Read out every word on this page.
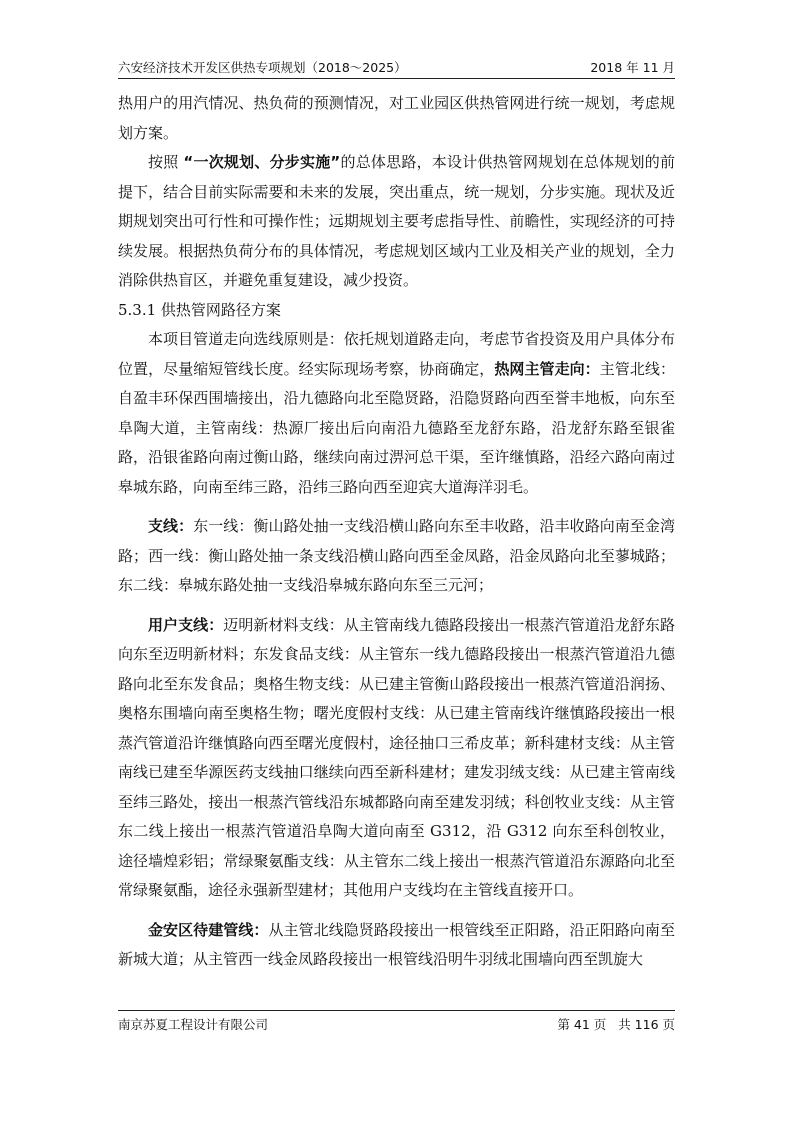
六安经济技术开发区供热专项规划（2018～2025）	2018 年 11 月

热用户的用汽情况、热负荷的预测情况，对工业园区供热管网进行统一规划，考虑规划方案。

按照 “一次规划、分步实施”的总体思路，本设计供热管网规划在总体规划的前提下，结合目前实际需要和未来的发展，突出重点，统一规划，分步实施。现状及近期规划突出可行性和可操作性；远期规划主要考虑指导性、前瞻性，实现经济的可持续发展。根据热负荷分布的具体情况，考虑规划区域内工业及相关产业的规划，全力消除供热盲区，并避免重复建设，减少投资。

5.3.1 供热管网路径方案

本项目管道走向选线原则是：依托规划道路走向，考虑节省投资及用户具体分布位置，尽量缩短管线长度。经实际现场考察，协商确定，热网主管走向：主管北线：自盈丰环保西围墙接出，沿九德路向北至隐贤路，沿隐贤路向西至誉丰地板，向东至阜陶大道，主管南线：热源厂接出后向南沿九德路至龙舒东路，沿龙舒东路至银雀路，沿银雀路向南过衡山路，继续向南过淠河总干渠，至许继慎路，沿经六路向南过皋城东路，向南至纬三路，沿纬三路向西至迎宾大道海洋羽毛。

支线：东一线：衡山路处抽一支线沿横山路向东至丰收路，沿丰收路向南至金湾路；西一线：衡山路处抽一条支线沿横山路向西至金凤路，沿金凤路向北至蓼城路；东二线：皋城东路处抽一支线沿皋城东路向东至三元河；

用户支线：迈明新材料支线：从主管南线九德路段接出一根蒸汽管道沿龙舒东路向东至迈明新材料；东发食品支线：从主管东一线九德路段接出一根蒸汽管道沿九德路向北至东发食品；奥格生物支线：从已建主管衡山路段接出一根蒸汽管道沿润扬、奥格东围墙向南至奥格生物；曙光度假村支线：从已建主管南线许继慎路段接出一根蒸汽管道沿许继慎路向西至曙光度假村，途径抽口三希皮革；新科建材支线：从主管南线已建至华源医药支线抽口继续向西至新科建材；建发羽绒支线：从已建主管南线至纬三路处，接出一根蒸汽管线沿东城都路向南至建发羽绒；科创牧业支线：从主管东二线上接出一根蒸汽管道沿阜陶大道向南至 G312，沿 G312 向东至科创牧业，途径墙煌彩铝；常绿聚氨酯支线：从主管东二线上接出一根蒸汽管道沿东源路向北至常绿聚氨酯，途径永强新型建材；其他用户支线均在主管线直接开口。

金安区待建管线：从主管北线隐贤路段接出一根管线至正阳路，沿正阳路向南至新城大道；从主管西一线金凤路段接出一根管线沿明牛羽绒北围墙向西至凯旋大

南京苏夏工程设计有限公司	第 41 页 共 116 页
